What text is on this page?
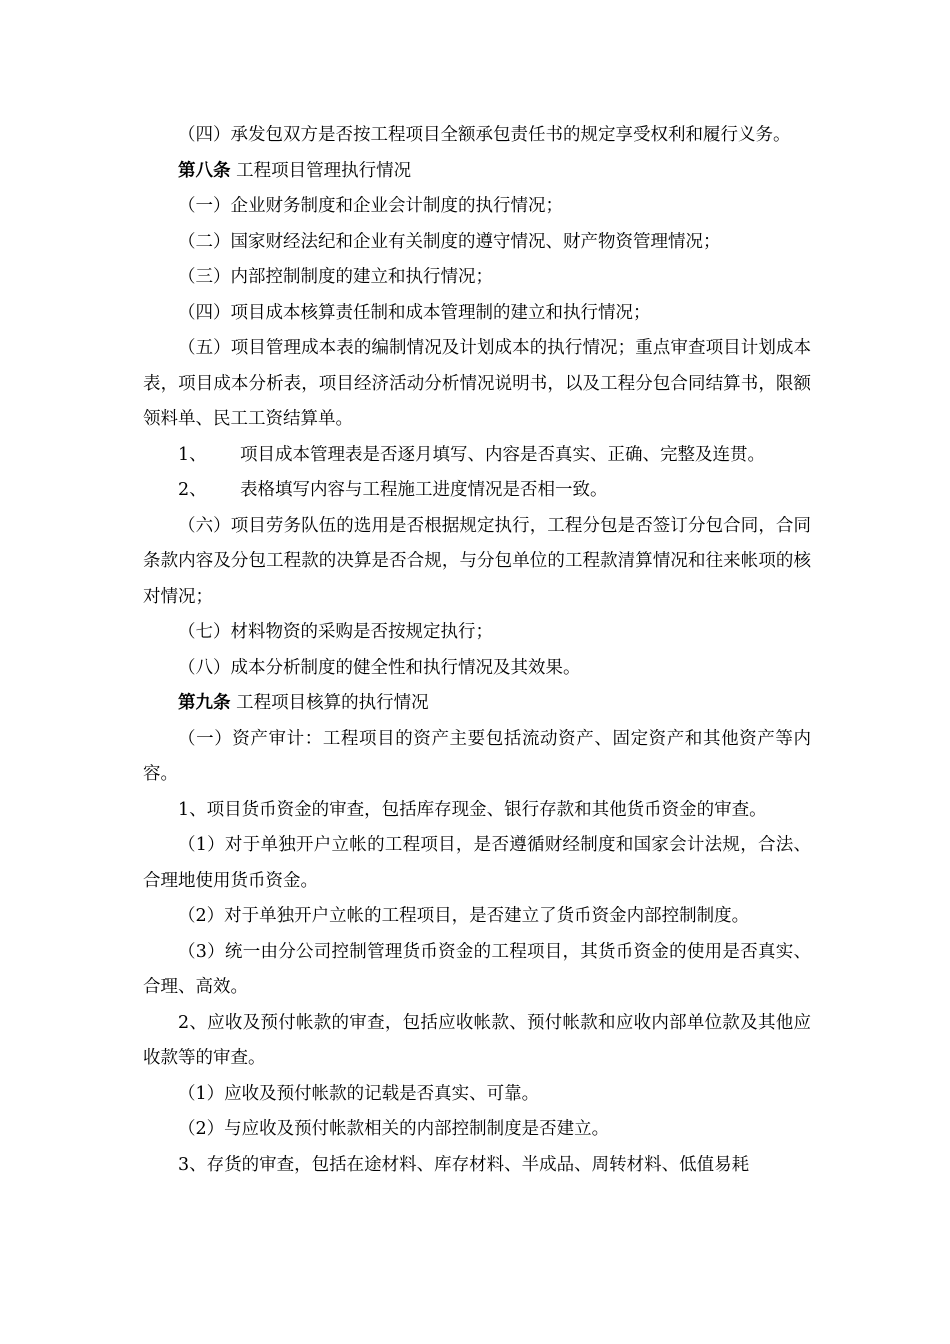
（四）承发包双方是否按工程项目全额承包责任书的规定享受权利和履行义务。

第八条 工程项目管理执行情况

（一）企业财务制度和企业会计制度的执行情况；

（二）国家财经法纪和企业有关制度的遵守情况、财产物资管理情况；

（三）内部控制制度的建立和执行情况；

（四）项目成本核算责任制和成本管理制的建立和执行情况；

（五）项目管理成本表的编制情况及计划成本的执行情况；重点审查项目计划成本表，项目成本分析表，项目经济活动分析情况说明书，以及工程分包合同结算书，限额领料单、民工工资结算单。

1、 项目成本管理表是否逐月填写、内容是否真实、正确、完整及连贯。

2、 表格填写内容与工程施工进度情况是否相一致。

（六）项目劳务队伍的选用是否根据规定执行，工程分包是否签订分包合同，合同条款内容及分包工程款的决算是否合规，与分包单位的工程款清算情况和往来帐项的核对情况；

（七）材料物资的采购是否按规定执行；

（八）成本分析制度的健全性和执行情况及其效果。

第九条 工程项目核算的执行情况

（一）资产审计：工程项目的资产主要包括流动资产、固定资产和其他资产等内容。

1、项目货币资金的审查，包括库存现金、银行存款和其他货币资金的审查。

（1）对于单独开户立帐的工程项目，是否遵循财经制度和国家会计法规，合法、合理地使用货币资金。

（2）对于单独开户立帐的工程项目，是否建立了货币资金内部控制制度。

（3）统一由分公司控制管理货币资金的工程项目，其货币资金的使用是否真实、合理、高效。

2、应收及预付帐款的审查，包括应收帐款、预付帐款和应收内部单位款及其他应收款等的审查。

（1）应收及预付帐款的记载是否真实、可靠。

（2）与应收及预付帐款相关的内部控制制度是否建立。

3、存货的审查，包括在途材料、库存材料、半成品、周转材料、低值易耗
